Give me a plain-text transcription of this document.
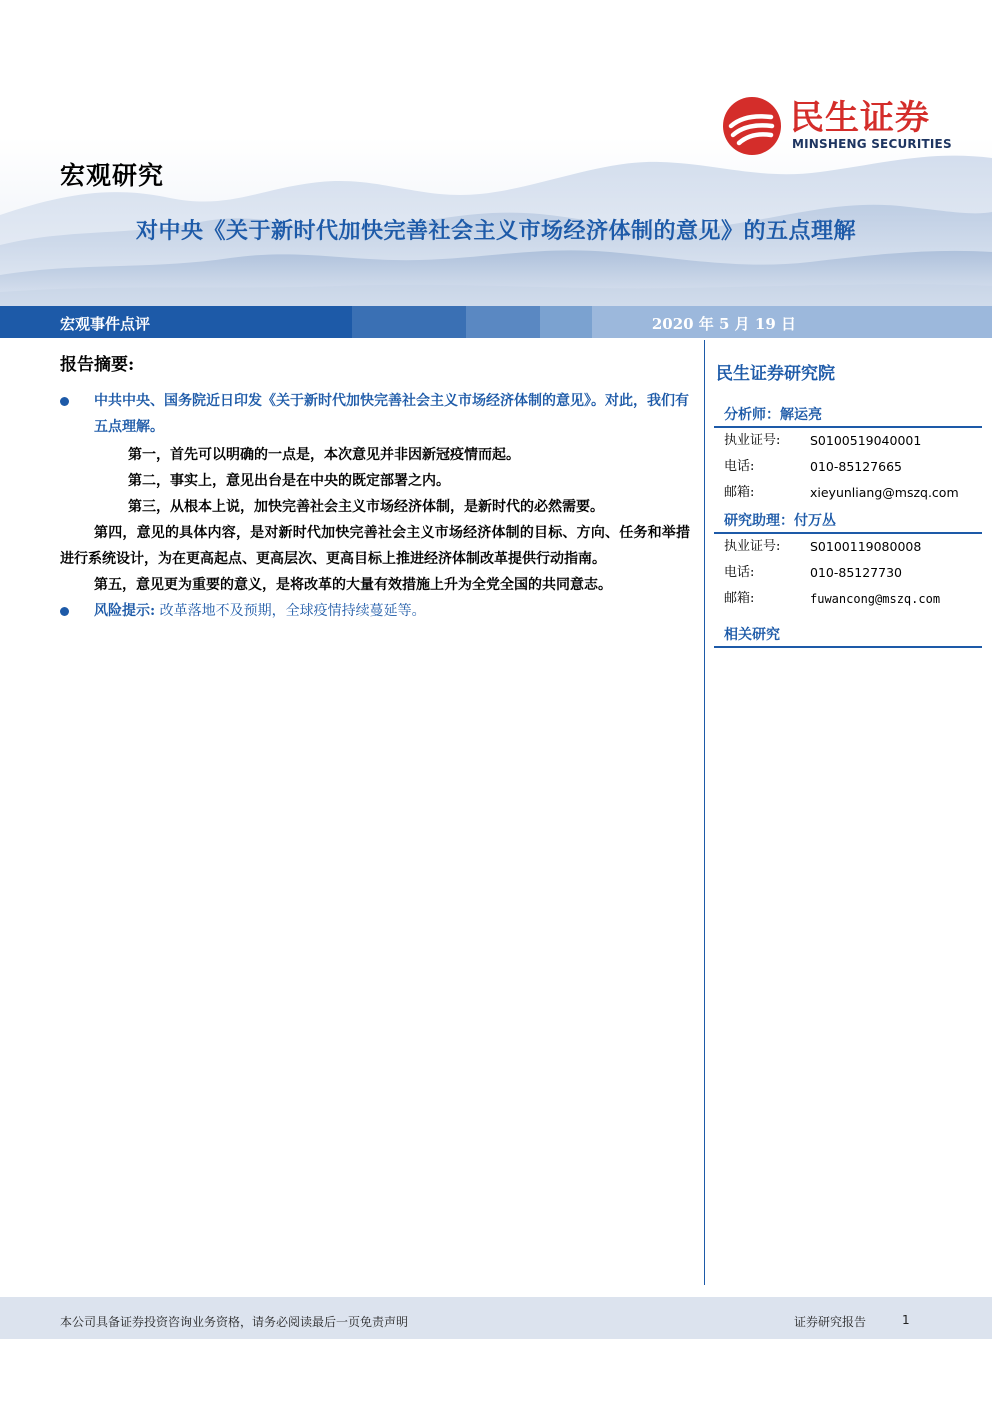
民生证券
MINSHENG SECURITIES
宏观研究
对中央《关于新时代加快完善社会主义市场经济体制的意见》的五点理解
宏观事件点评	2020 年 5 月 19 日
报告摘要:
中共中央、国务院近日印发《关于新时代加快完善社会主义市场经济体制的意见》。对此，我们有五点理解。

第一，首先可以明确的一点是，本次意见并非因新冠疫情而起。

第二，事实上，意见出台是在中央的既定部署之内。

第三，从根本上说，加快完善社会主义市场经济体制，是新时代的必然需要。

第四，意见的具体内容，是对新时代加快完善社会主义市场经济体制的目标、方向、任务和举措进行系统设计，为在更高起点、更高层次、更高目标上推进经济体制改革提供行动指南。

第五，意见更为重要的意义，是将改革的大量有效措施上升为全党全国的共同意志。

风险提示: 改革落地不及预期，全球疫情持续蔓延等。
民生证券研究院
分析师：解运亮
执业证号:	S0100519040001
电话:	010-85127665
邮箱:	xieyunliang@mszq.com
研究助理：付万丛
执业证号:	S0100119080008
电话:	010-85127730
邮箱:	fuwancong@mszq.com
相关研究
本公司具备证券投资咨询业务资格，请务必阅读最后一页免责声明	证券研究报告	1
